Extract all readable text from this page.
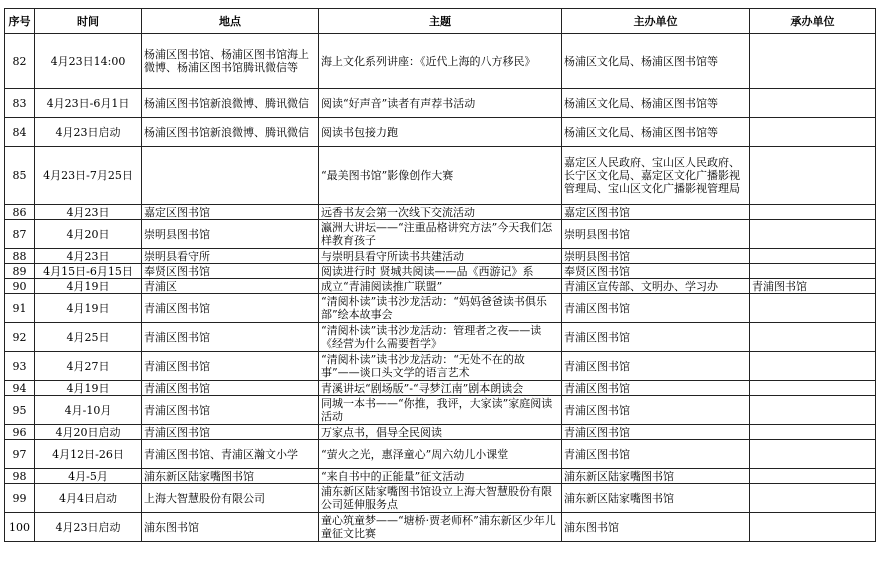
序号	时间	地点	主题	主办单位	承办单位
82	4月23日14:00	杨浦区图书馆、杨浦区图书馆海上微博、杨浦区图书馆腾讯微信等	海上文化系列讲座：《近代上海的八方移民》	杨浦区文化局、杨浦区图书馆等	
83	4月23日-6月1日	杨浦区图书馆新浪微博、腾讯微信	阅读“好声音”读者有声荐书活动	杨浦区文化局、杨浦区图书馆等	
84	4月23日启动	杨浦区图书馆新浪微博、腾讯微信	阅读书包接力跑	杨浦区文化局、杨浦区图书馆等	
85	4月23日-7月25日		“最美图书馆”影像创作大赛	嘉定区人民政府、宝山区人民政府、长宁区文化局、嘉定区文化广播影视管理局、宝山区文化广播影视管理局	
86	4月23日	嘉定区图书馆	远香书友会第一次线下交流活动	嘉定区图书馆	
87	4月20日	崇明县图书馆	瀛洲大讲坛——“注重品格讲究方法”今天我们怎样教育孩子	崇明县图书馆	
88	4月23日	崇明县看守所	与崇明县看守所读书共建活动	崇明县图书馆	
89	4月15日-6月15日	奉贤区图书馆	阅读进行时 贤城共阅读——品《西游记》系	奉贤区图书馆	
90	4月19日	青浦区	成立“青浦阅读推广联盟”	青浦区宣传部、文明办、学习办	青浦图书馆
91	4月19日	青浦区图书馆	“清阅朴读”读书沙龙活动：“妈妈爸爸读书俱乐部”绘本故事会	青浦区图书馆	
92	4月25日	青浦区图书馆	“清阅朴读”读书沙龙活动：管理者之夜——读《经营为什么需要哲学》	青浦区图书馆	
93	4月27日	青浦区图书馆	“清阅朴读”读书沙龙活动：“无处不在的故事”——谈口头文学的语言艺术	青浦区图书馆	
94	4月19日	青浦区图书馆	青溪讲坛“剧场版”-“寻梦江南”剧本朗读会	青浦区图书馆	
95	4月-10月	青浦区图书馆	同城一本书——“你推，我评，大家读”家庭阅读活动	青浦区图书馆	
96	4月20日启动	青浦区图书馆	万家点书，倡导全民阅读	青浦区图书馆	
97	4月12日-26日	青浦区图书馆、青浦区瀚文小学	“萤火之光，惠泽童心”周六幼儿小课堂	青浦区图书馆	
98	4月-5月	浦东新区陆家嘴图书馆	“来自书中的正能量”征文活动	浦东新区陆家嘴图书馆	
99	4月4日启动	上海大智慧股份有限公司	浦东新区陆家嘴图书馆设立上海大智慧股份有限公司延伸服务点	浦东新区陆家嘴图书馆	
100	4月23日启动	浦东图书馆	童心筑童梦——“塘桥·贾老师杯”浦东新区少年儿童征文比赛	浦东图书馆	
